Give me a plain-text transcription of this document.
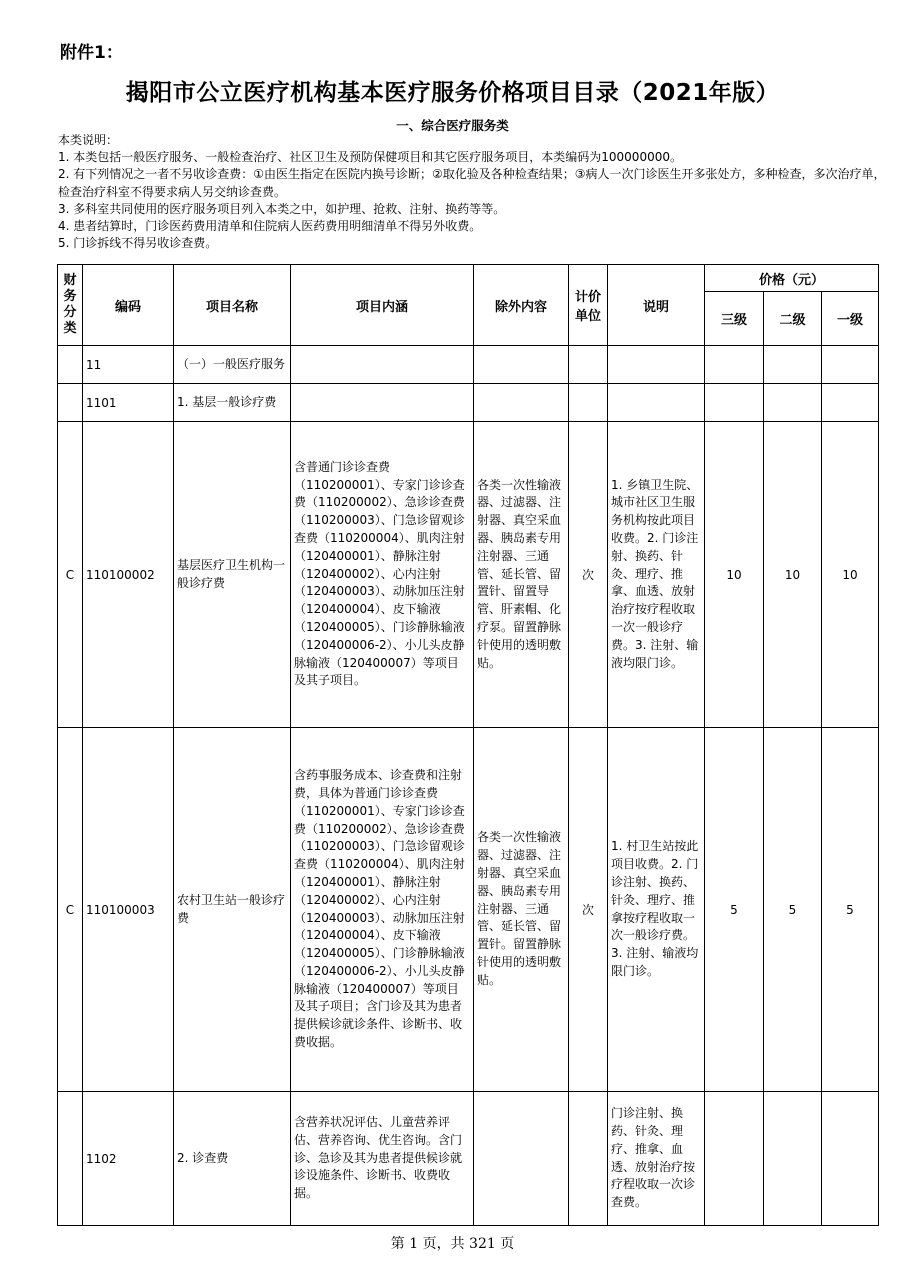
附件1：
揭阳市公立医疗机构基本医疗服务价格项目目录（2021年版）
一、综合医疗服务类
本类说明：
1. 本类包括一般医疗服务、一般检查治疗、社区卫生及预防保健项目和其它医疗服务项目，本类编码为100000000。
2. 有下列情况之一者不另收诊查费：①由医生指定在医院内换号诊断；②取化验及各种检查结果；③病人一次门诊医生开多张处方，多种检查，多次治疗单，检查治疗科室不得要求病人另交纳诊查费。
3. 多科室共同使用的医疗服务项目列入本类之中，如护理、抢救、注射、换药等等。
4. 患者结算时，门诊医药费用清单和住院病人医药费用明细清单不得另外收费。
5. 门诊拆线不得另收诊查费。
财务分类	编码	项目名称	项目内涵	除外内容	计价单位	说明	价格（元）		
							三级	二级	一级
	11	（一）一般医疗服务							
	1101	1. 基层一般诊疗费							
C	110100002	基层医疗卫生机构一般诊疗费	含普通门诊诊查费（110200001）、专家门诊诊查费（110200002）、急诊诊查费（110200003）、门急诊留观诊查费（110200004）、肌肉注射（120400001）、静脉注射（120400002）、心内注射（120400003）、动脉加压注射（120400004）、皮下输液（120400005）、门诊静脉输液（120400006-2）、小儿头皮静脉输液（120400007）等项目及其子项目。	各类一次性输液器、过滤器、注射器、真空采血器、胰岛素专用注射器、三通管、延长管、留置针、留置导管、肝素帽、化疗泵。留置静脉针使用的透明敷贴。	次	1. 乡镇卫生院、城市社区卫生服务机构按此项目收费。2. 门诊注射、换药、针灸、理疗、推拿、血透、放射治疗按疗程收取一次一般诊疗费。3. 注射、输液均限门诊。	10	10	10
C	110100003	农村卫生站一般诊疗费	含药事服务成本、诊查费和注射费，具体为普通门诊诊查费（110200001）、专家门诊诊查费（110200002）、急诊诊查费（110200003）、门急诊留观诊查费（110200004）、肌肉注射（120400001）、静脉注射（120400002）、心内注射（120400003）、动脉加压注射（120400004）、皮下输液（120400005）、门诊静脉输液（120400006-2）、小儿头皮静脉输液（120400007）等项目及其子项目；含门诊及其为患者提供候诊就诊条件、诊断书、收费收据。	各类一次性输液器、过滤器、注射器、真空采血器、胰岛素专用注射器、三通管、延长管、留置针。留置静脉针使用的透明敷贴。	次	1. 村卫生站按此项目收费。2. 门诊注射、换药、针灸、理疗、推拿按疗程收取一次一般诊疗费。3. 注射、输液均限门诊。	5	5	5
	1102	2. 诊查费	含营养状况评估、儿童营养评估、营养咨询、优生咨询。含门诊、急诊及其为患者提供候诊就诊设施条件、诊断书、收费收据。			门诊注射、换药、针灸、理疗、推拿、血透、放射治疗按疗程收取一次诊查费。			
第 1 页，共 321 页
